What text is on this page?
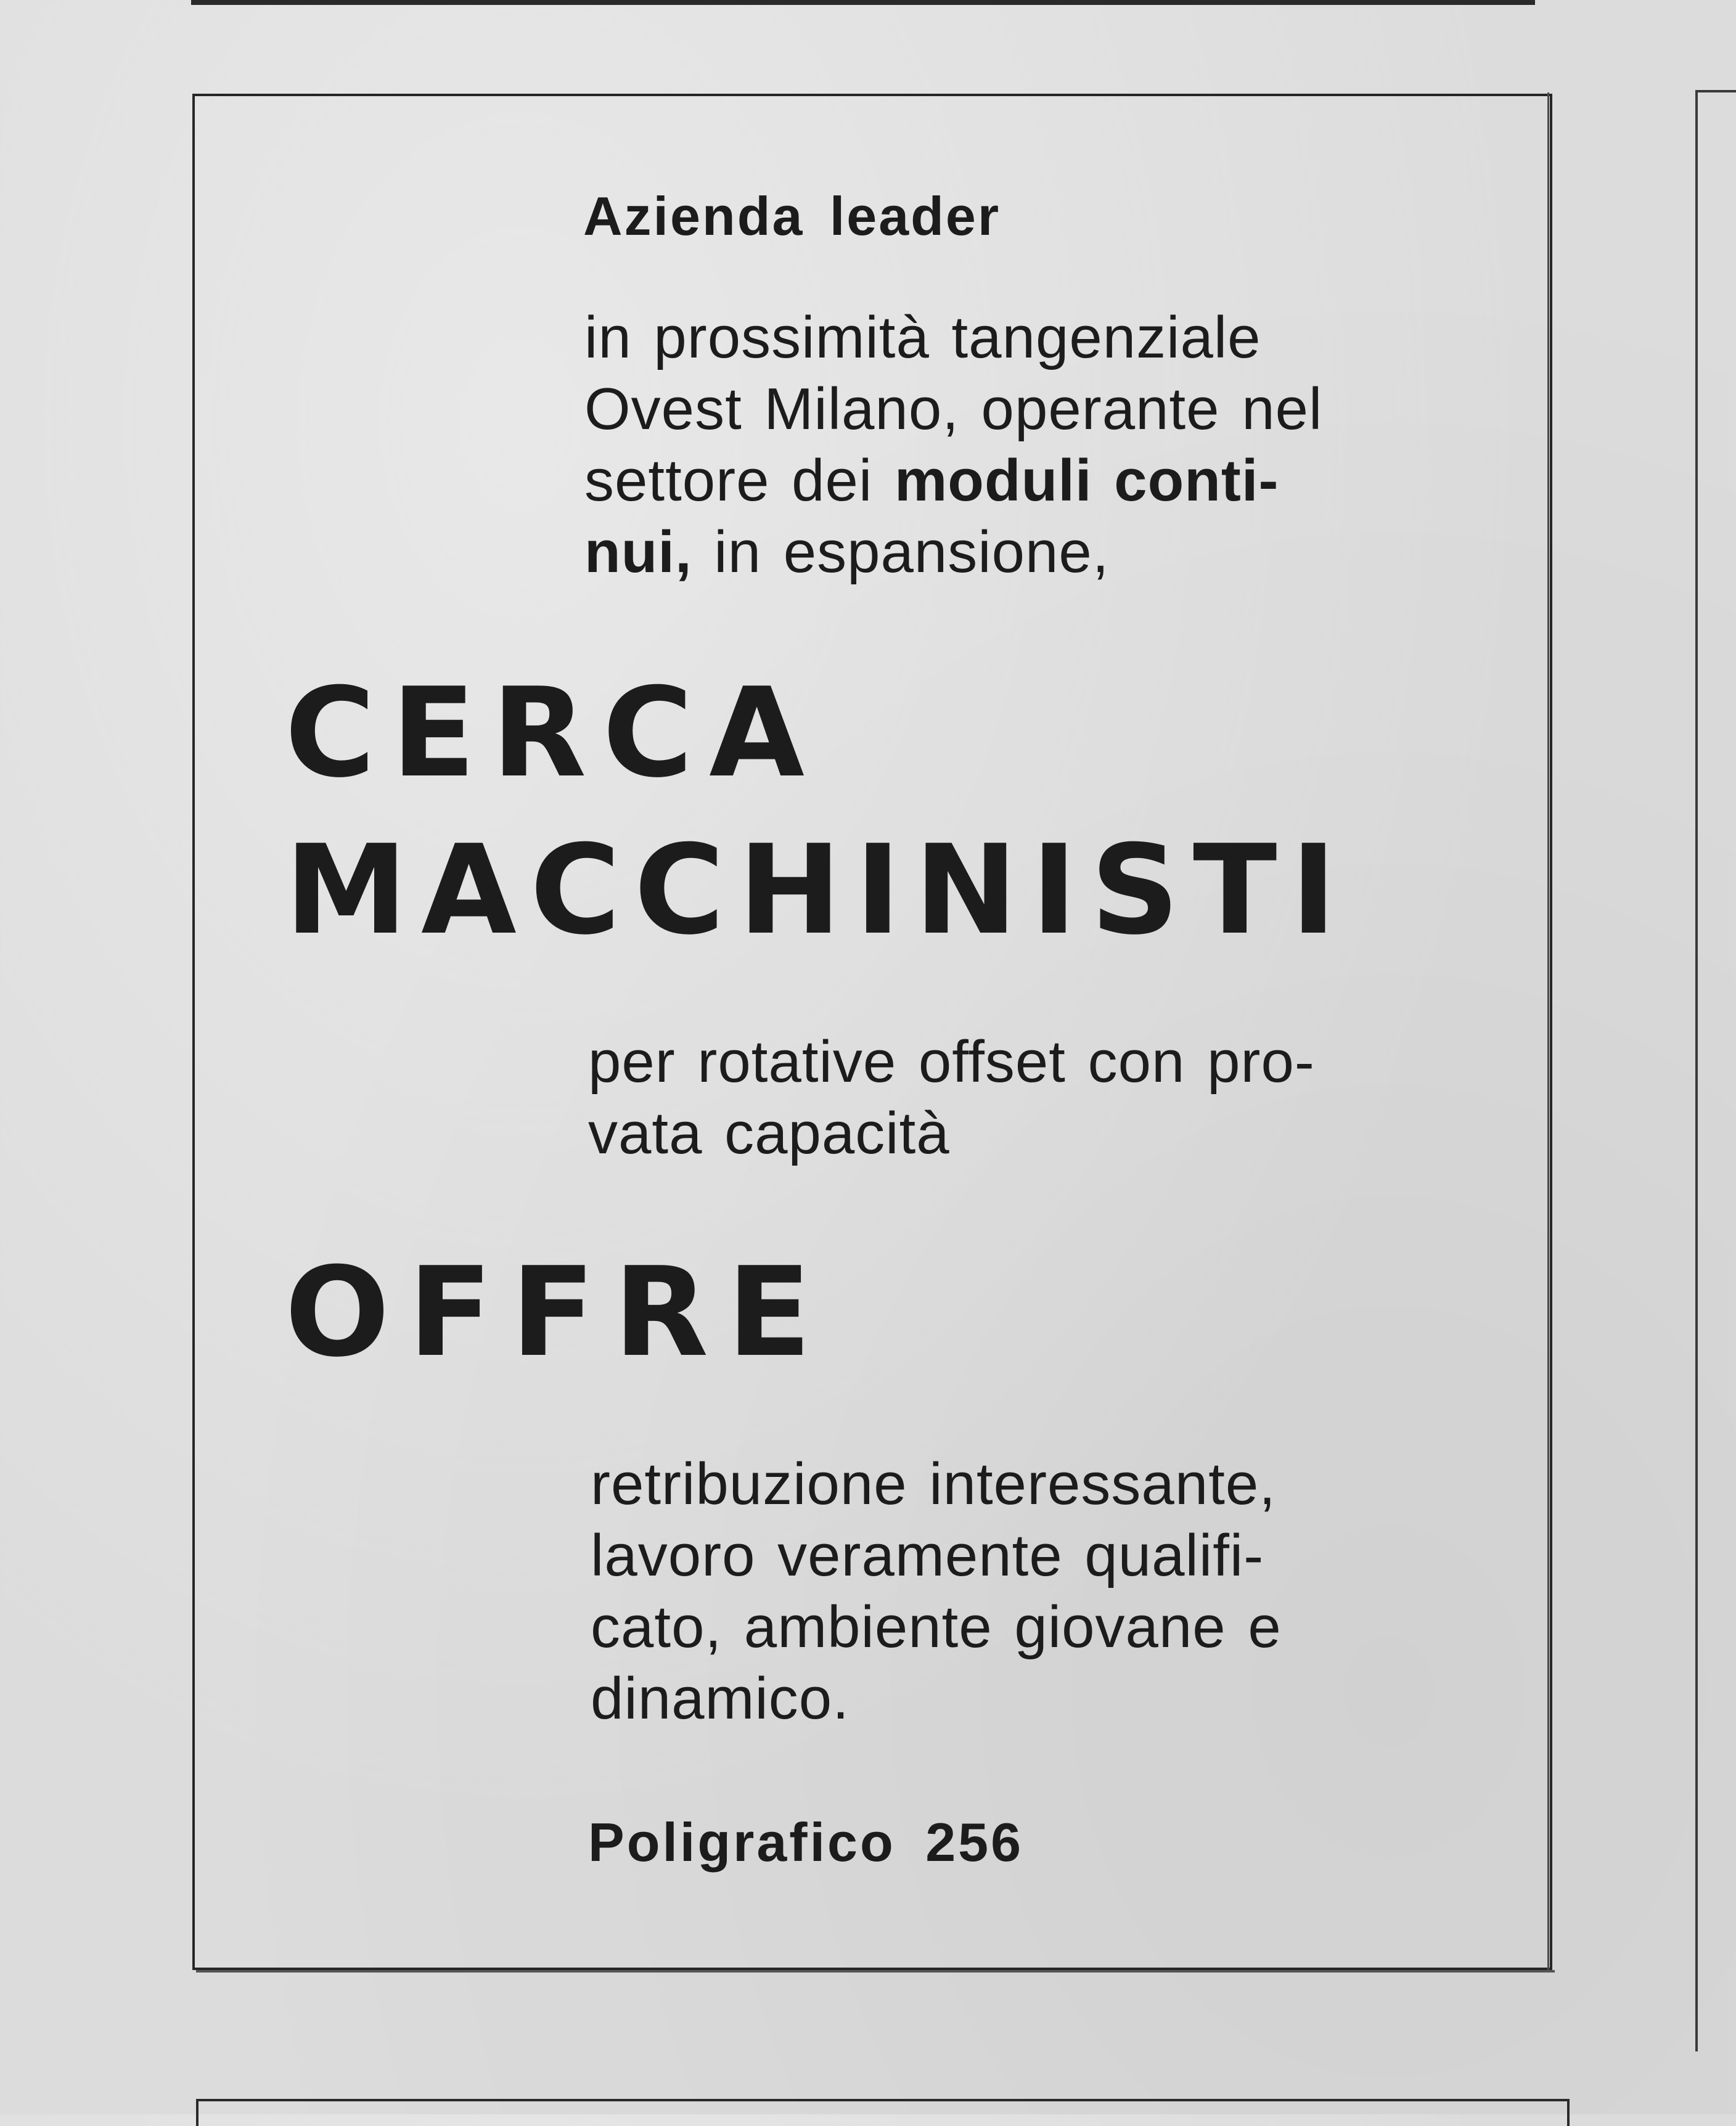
Azienda leader
in prossimità tangenziale
Ovest Milano, operante nel
settore dei moduli conti-
nui, in espansione,
CERCA
MACCHINISTI
per rotative offset con pro-
vata capacità
OFFRE
retribuzione interessante,
lavoro veramente qualifi-
cato, ambiente giovane e
dinamico.
Poligrafico 256
